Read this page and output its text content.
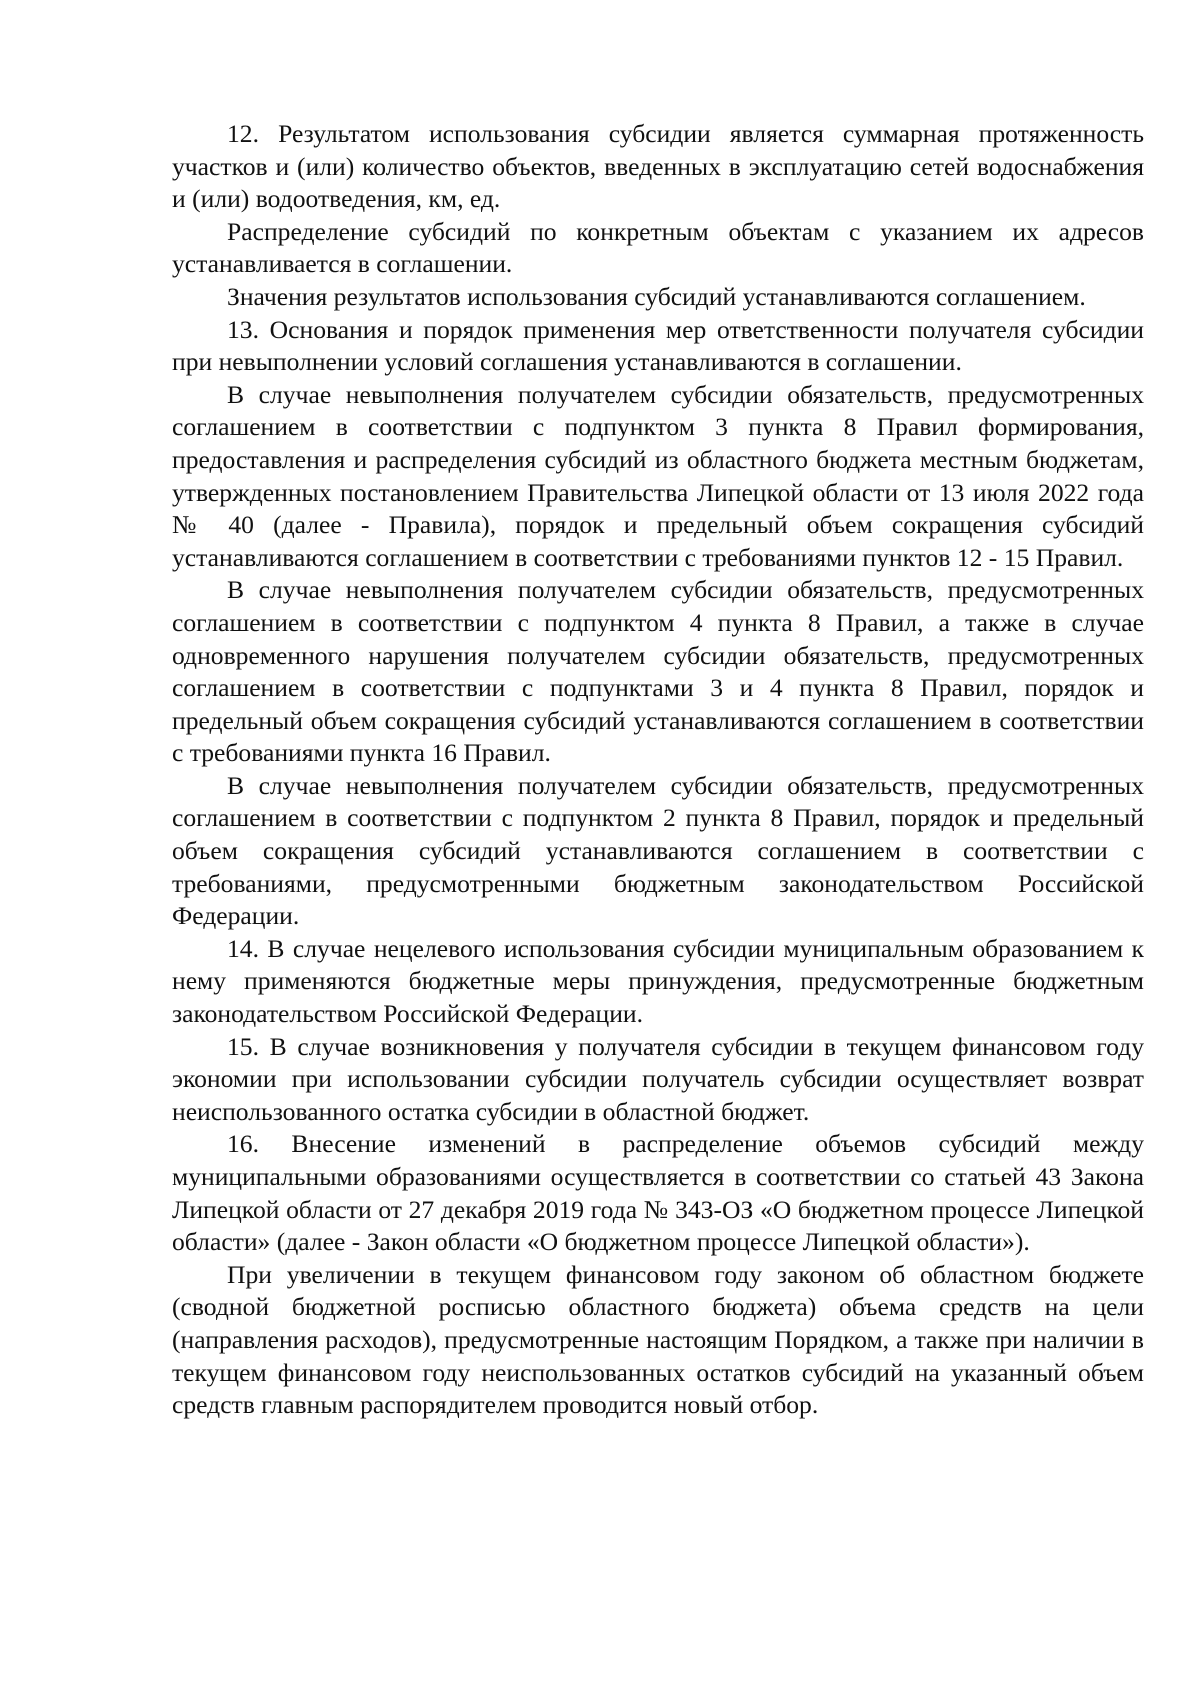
12. Результатом использования субсидии является суммарная протяженность участков и (или) количество объектов, введенных в эксплуатацию сетей водоснабжения и (или) водоотведения, км, ед.

Распределение субсидий по конкретным объектам с указанием их адресов устанавливается в соглашении.

Значения результатов использования субсидий устанавливаются соглашением.

13. Основания и порядок применения мер ответственности получателя субсидии при невыполнении условий соглашения устанавливаются в соглашении.

В случае невыполнения получателем субсидии обязательств, предусмотренных соглашением в соответствии с подпунктом 3 пункта 8 Правил формирования, предоставления и распределения субсидий из областного бюджета местным бюджетам, утвержденных постановлением Правительства Липецкой области от 13 июля 2022 года № 40 (далее - Правила), порядок и предельный объем сокращения субсидий устанавливаются соглашением в соответствии с требованиями пунктов 12 - 15 Правил.

В случае невыполнения получателем субсидии обязательств, предусмотренных соглашением в соответствии с подпунктом 4 пункта 8 Правил, а также в случае одновременного нарушения получателем субсидии обязательств, предусмотренных соглашением в соответствии с подпунктами 3 и 4 пункта 8 Правил, порядок и предельный объем сокращения субсидий устанавливаются соглашением в соответствии с требованиями пункта 16 Правил.

В случае невыполнения получателем субсидии обязательств, предусмотренных соглашением в соответствии с подпунктом 2 пункта 8 Правил, порядок и предельный объем сокращения субсидий устанавливаются соглашением в соответствии с требованиями, предусмотренными бюджетным законодательством Российской Федерации.

14. В случае нецелевого использования субсидии муниципальным образованием к нему применяются бюджетные меры принуждения, предусмотренные бюджетным законодательством Российской Федерации.

15. В случае возникновения у получателя субсидии в текущем финансовом году экономии при использовании субсидии получатель субсидии осуществляет возврат неиспользованного остатка субсидии в областной бюджет.

16. Внесение изменений в распределение объемов субсидий между муниципальными образованиями осуществляется в соответствии со статьей 43 Закона Липецкой области от 27 декабря 2019 года № 343-ОЗ «О бюджетном процессе Липецкой области» (далее - Закон области «О бюджетном процессе Липецкой области»).

При увеличении в текущем финансовом году законом об областном бюджете (сводной бюджетной росписью областного бюджета) объема средств на цели (направления расходов), предусмотренные настоящим Порядком, а также при наличии в текущем финансовом году неиспользованных остатков субсидий на указанный объем средств главным распорядителем проводится новый отбор.
